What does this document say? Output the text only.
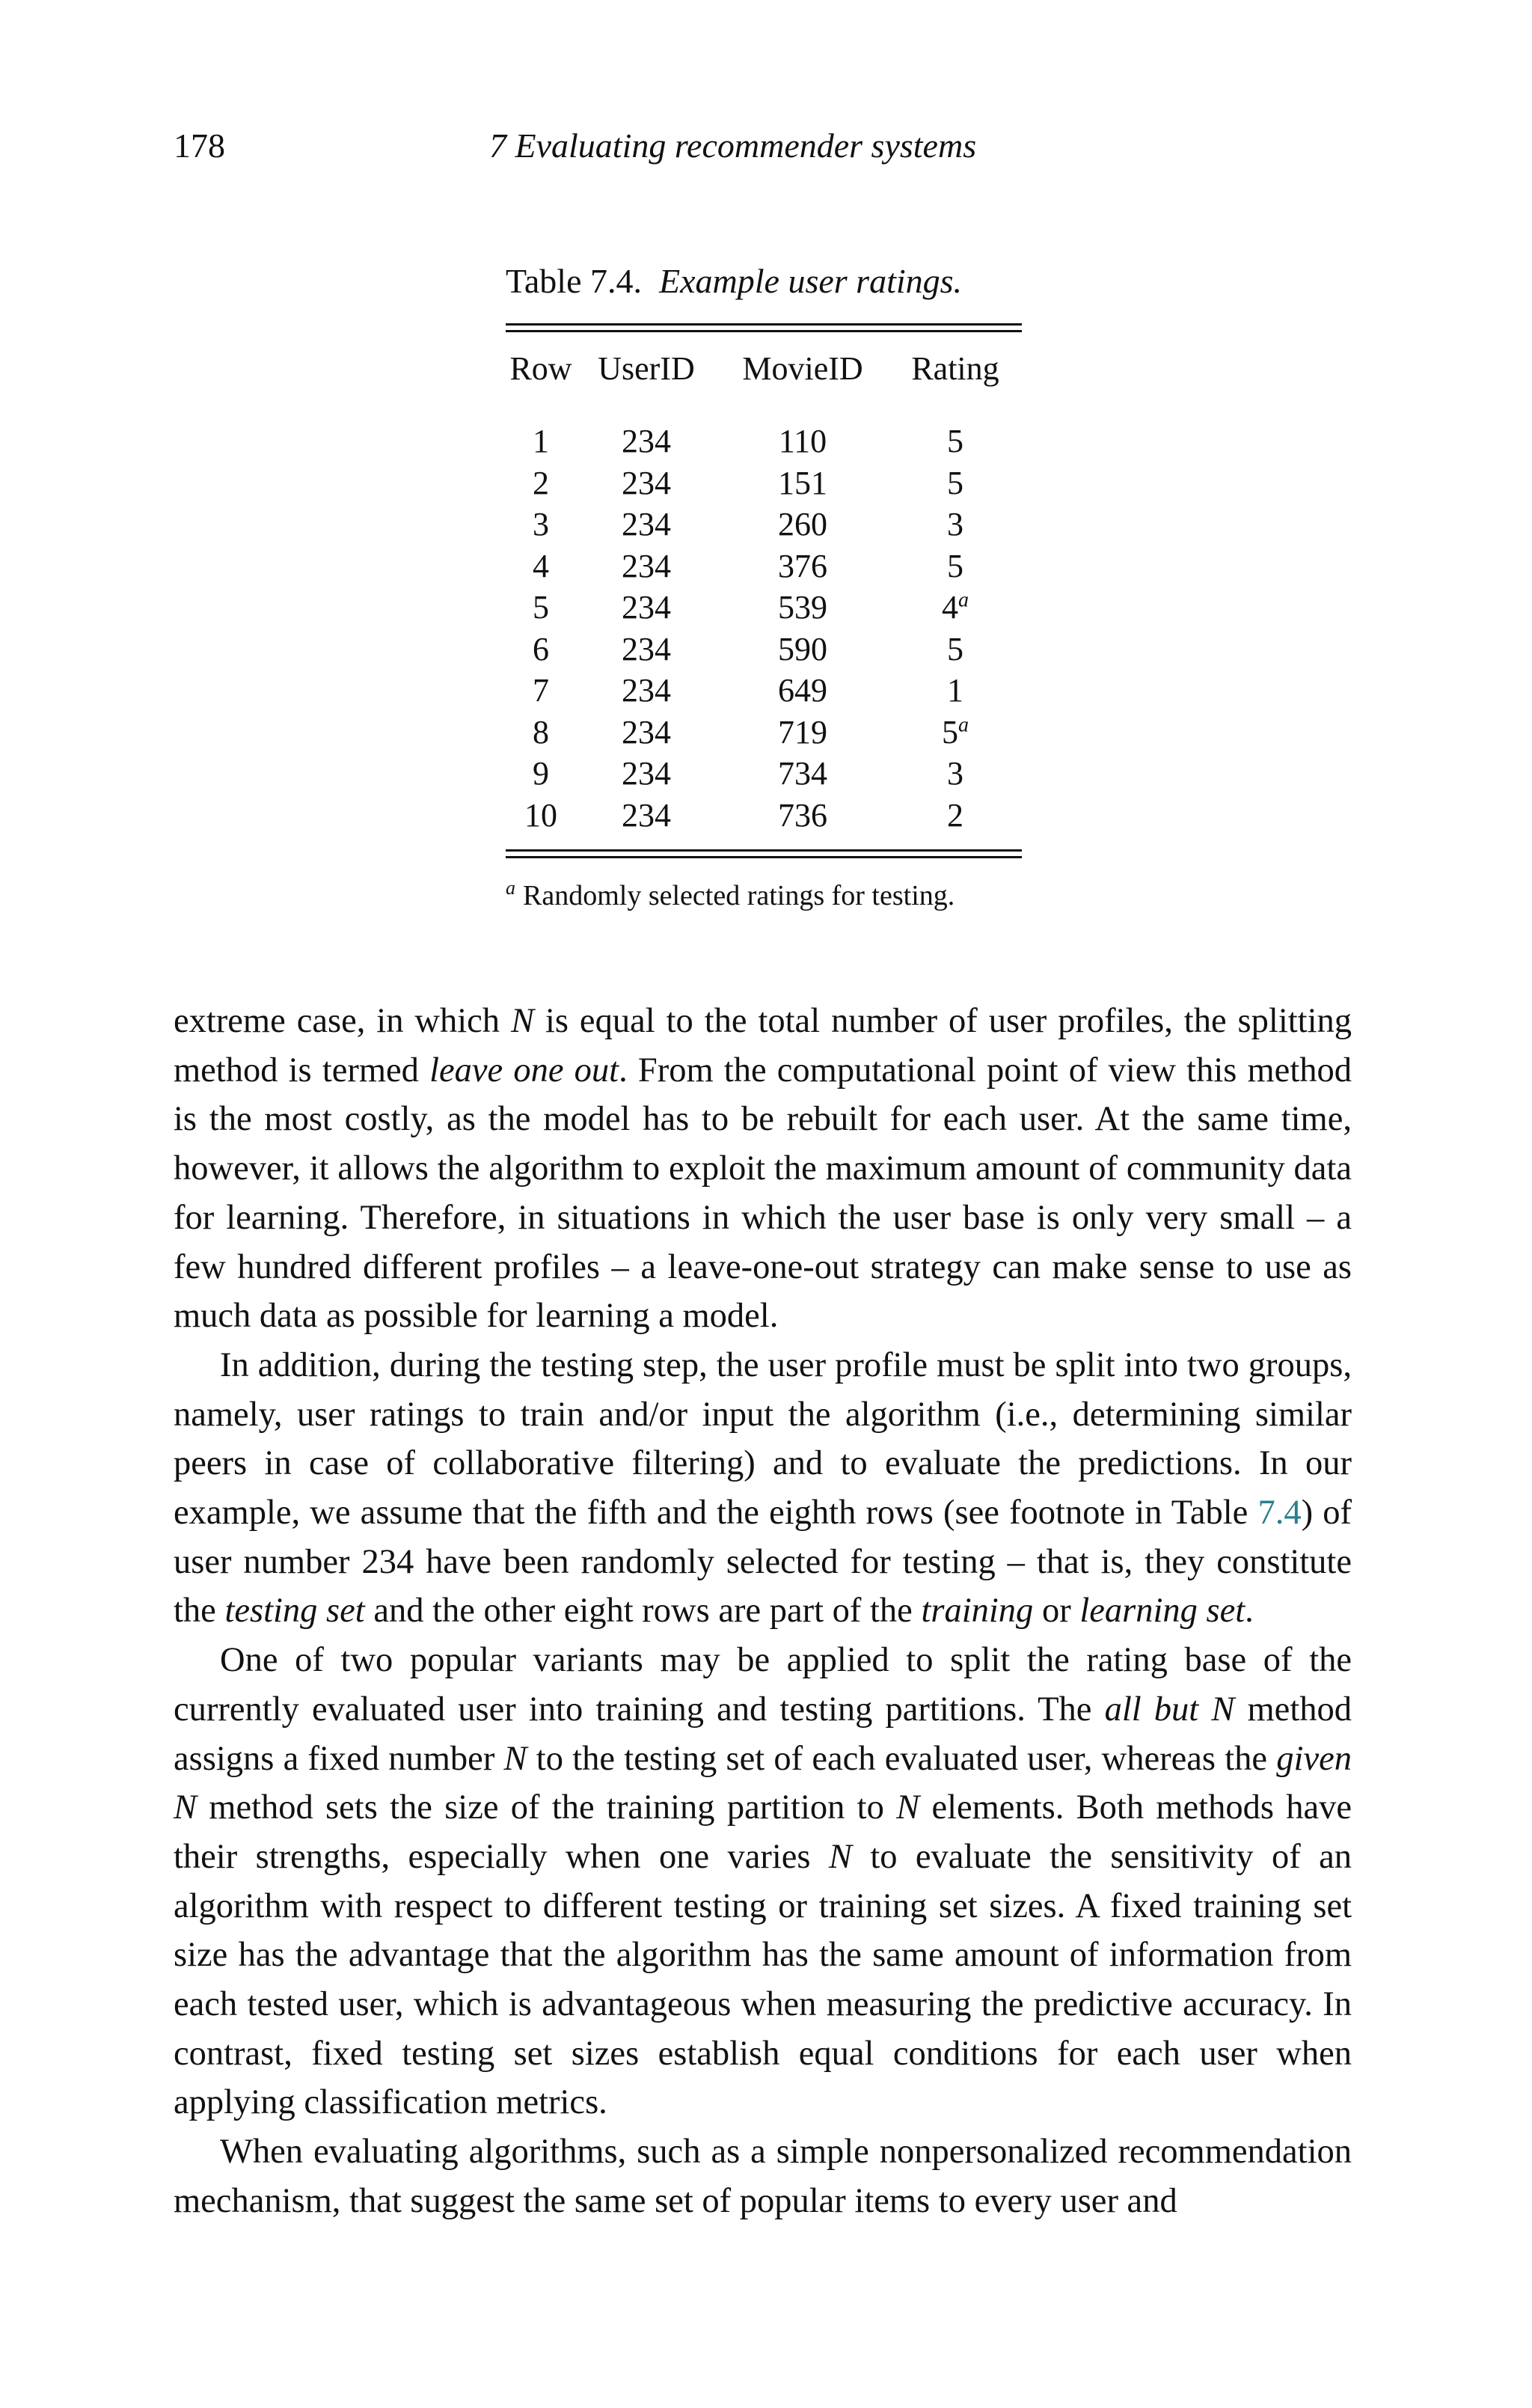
178	7 Evaluating recommender systems
Table 7.4. Example user ratings.
Row	UserID	MovieID	Rating
1	234	110	5
2	234	151	5
3	234	260	3
4	234	376	5
5	234	539	4$^a$
6	234	590	5
7	234	649	1
8	234	719	5$^a$
9	234	734	3
10	234	736	2
$^a$ Randomly selected ratings for testing.

extreme case, in which N is equal to the total number of user profiles, the splitting method is termed leave one out. From the computational point of view this method is the most costly, as the model has to be rebuilt for each user. At the same time, however, it allows the algorithm to exploit the maximum amount of community data for learning. Therefore, in situations in which the user base is only very small – a few hundred different profiles – a leave-one-out strategy can make sense to use as much data as possible for learning a model.

In addition, during the testing step, the user profile must be split into two groups, namely, user ratings to train and/or input the algorithm (i.e., determining similar peers in case of collaborative filtering) and to evaluate the predictions. In our example, we assume that the fifth and the eighth rows (see footnote in Table 7.4) of user number 234 have been randomly selected for testing – that is, they constitute the testing set and the other eight rows are part of the training or learning set.

One of two popular variants may be applied to split the rating base of the currently evaluated user into training and testing partitions. The all but N method assigns a fixed number N to the testing set of each evaluated user, whereas the given N method sets the size of the training partition to N elements. Both methods have their strengths, especially when one varies N to evaluate the sensitivity of an algorithm with respect to different testing or training set sizes. A fixed training set size has the advantage that the algorithm has the same amount of information from each tested user, which is advantageous when measuring the predictive accuracy. In contrast, fixed testing set sizes establish equal conditions for each user when applying classification metrics.

When evaluating algorithms, such as a simple nonpersonalized recommendation mechanism, that suggest the same set of popular items to every user and
